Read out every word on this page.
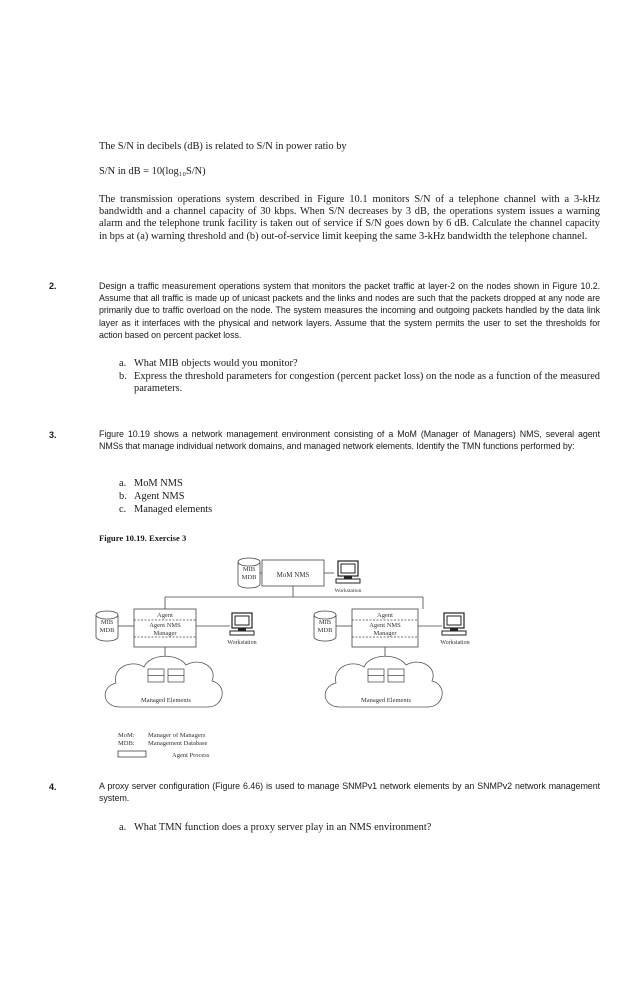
The S/N in decibels (dB) is related to S/N in power ratio by
S/N in dB = 10(log₁₀S/N)
The transmission operations system described in Figure 10.1 monitors S/N of a telephone channel with a 3-kHz bandwidth and a channel capacity of 30 kbps. When S/N decreases by 3 dB, the operations system issues a warning alarm and the telephone trunk facility is taken out of service if S/N goes down by 6 dB. Calculate the channel capacity in bps at (a) warning threshold and (b) out-of-service limit keeping the same 3-kHz bandwidth the telephone channel.
2.	Design a traffic measurement operations system that monitors the packet traffic at layer-2 on the nodes shown in Figure 10.2. Assume that all traffic is made up of unicast packets and the links and nodes are such that the packets dropped at any node are primarily due to traffic overload on the node. The system measures the incoming and outgoing packets handled by the data link layer as it interfaces with the physical and network layers. Assume that the system permits the user to set the thresholds for action based on percent packet loss.
a. What MIB objects would you monitor?
b. Express the threshold parameters for congestion (percent packet loss) on the node as a function of the measured parameters.
3.	Figure 10.19 shows a network management environment consisting of a MoM (Manager of Managers) NMS, several agent NMSs that manage individual network domains, and managed network elements. Identify the TMN functions performed by:
a. MoM NMS
b. Agent NMS
c. Managed elements
Figure 10.19. Exercise 3
MIB
MDB	MoM NMS
Workstation
MIB
MDB
Agent
Agent NMS
Manager
Workstation
MIB
MDB
Agent
Agent NMS
Manager
Workstation
Managed Elements	Managed Elements
MoM: Manager of Managers
MDB: Management Database
Agent Process
4.	A proxy server configuration (Figure 6.46) is used to manage SNMPv1 network elements by an SNMPv2 network management system.
a. What TMN function does a proxy server play in an NMS environment?
